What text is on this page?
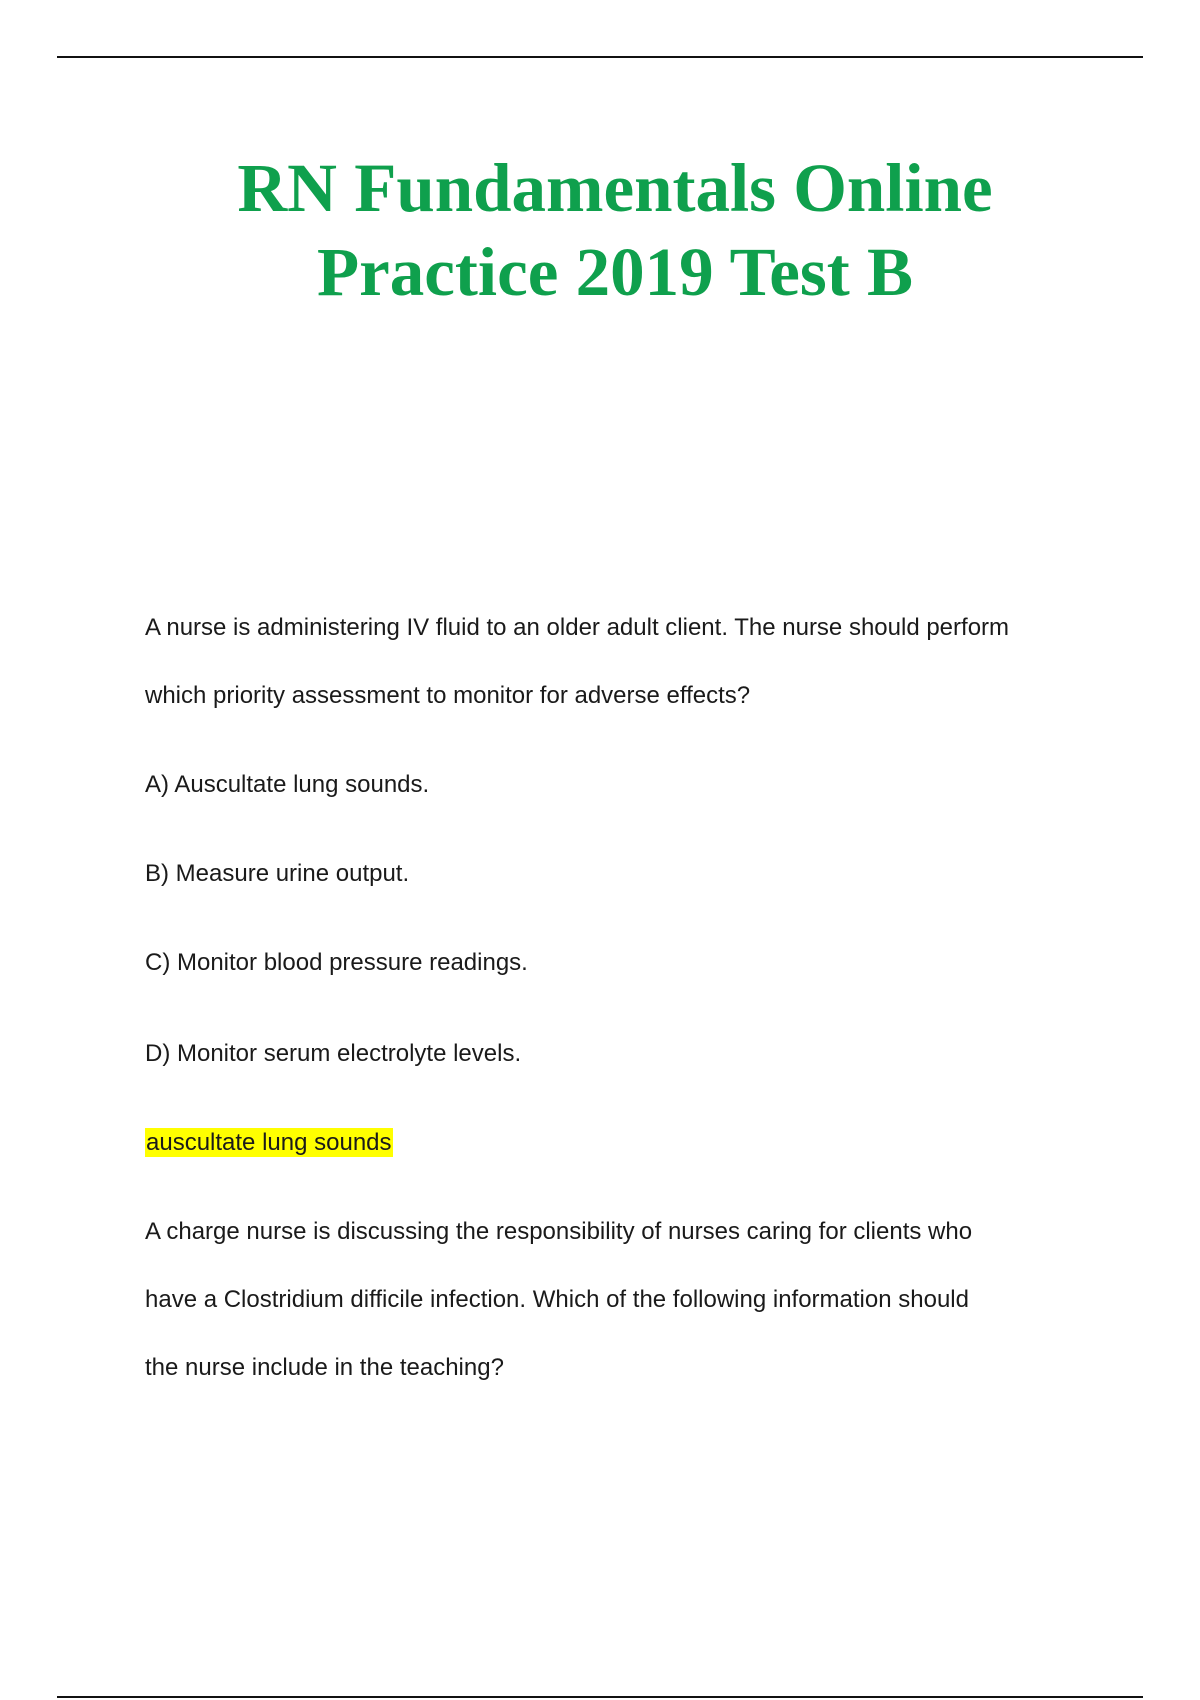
RN Fundamentals Online
Practice 2019 Test B

A nurse is administering IV fluid to an older adult client. The nurse should perform

which priority assessment to monitor for adverse effects?

A) Auscultate lung sounds.

B) Measure urine output.

C) Monitor blood pressure readings.

D) Monitor serum electrolyte levels.

auscultate lung sounds

A charge nurse is discussing the responsibility of nurses caring for clients who

have a Clostridium difficile infection. Which of the following information should

the nurse include in the teaching?
